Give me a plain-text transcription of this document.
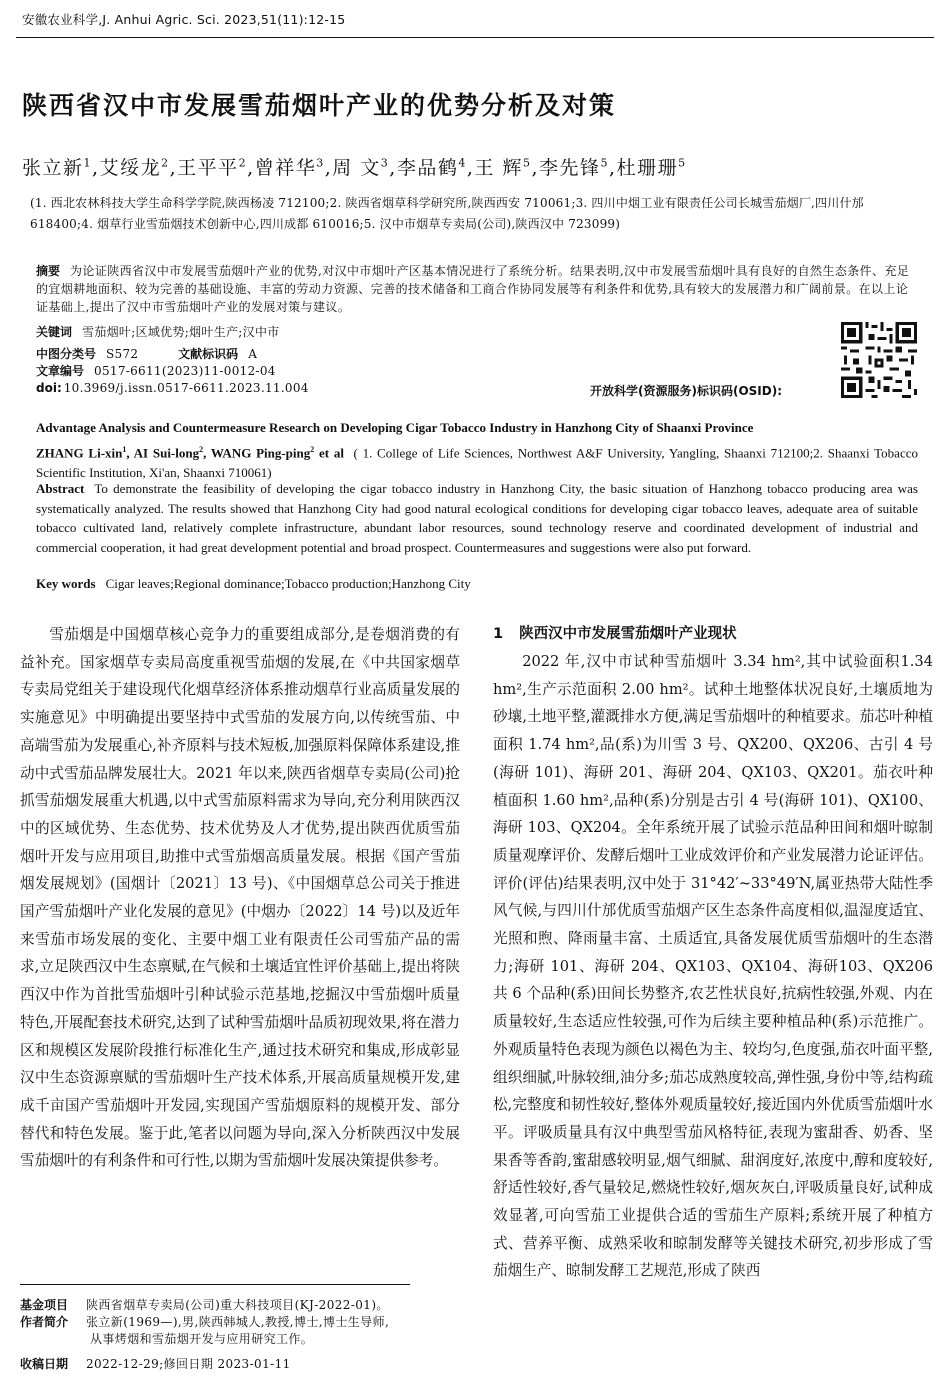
安徽农业科学,J. Anhui Agric. Sci. 2023,51(11):12-15
陕西省汉中市发展雪茄烟叶产业的优势分析及对策
张立新$^1$,艾绥龙$^2$,王平平$^2$,曾祥华$^3$,周 文$^3$,李品鹤$^4$,王 辉$^5$,李先锋$^5$,杜珊珊$^5$
(1. 西北农林科技大学生命科学学院,陕西杨凌 712100;2. 陕西省烟草科学研究所,陕西西安 710061;3. 四川中烟工业有限责任公司长城雪茄烟厂,四川什邡 618400;4. 烟草行业雪茄烟技术创新中心,四川成都 610016;5. 汉中市烟草专卖局(公司),陕西汉中 723099)
摘要 为论证陕西省汉中市发展雪茄烟叶产业的优势,对汉中市烟叶产区基本情况进行了系统分析。结果表明,汉中市发展雪茄烟叶具有良好的自然生态条件、充足的宜烟耕地面积、较为完善的基础设施、丰富的劳动力资源、完善的技术储备和工商合作协同发展等有利条件和优势,具有较大的发展潜力和广阔前景。在以上论证基础上,提出了汉中市雪茄烟叶产业的发展对策与建议。
关键词 雪茄烟叶;区域优势;烟叶生产;汉中市
中图分类号 S572	文献标识码 A
文章编号 0517-6611(2023)11-0012-04
doi: 10.3969/j.issn.0517-6611.2023.11.004	开放科学(资源服务)标识码(OSID):
Advantage Analysis and Countermeasure Research on Developing Cigar Tobacco Industry in Hanzhong City of Shaanxi Province
ZHANG Li-xin$^1$, AI Sui-long$^2$, WANG Ping-ping$^2$ et al ( 1. College of Life Sciences, Northwest A&F University, Yangling, Shaanxi 712100;2. Shaanxi Tobacco Scientific Institution, Xi'an, Shaanxi 710061)
Abstract To demonstrate the feasibility of developing the cigar tobacco industry in Hanzhong City, the basic situation of Hanzhong tobacco producing area was systematically analyzed. The results showed that Hanzhong City had good natural ecological conditions for developing cigar tobacco leaves, adequate area of suitable tobacco cultivated land, relatively complete infrastructure, abundant labor resources, sound technology reserve and coordinated development of industrial and commercial cooperation, it had great development potential and broad prospect. Countermeasures and suggestions were also put forward.
Key words Cigar leaves;Regional dominance;Tobacco production;Hanzhong City

雪茄烟是中国烟草核心竞争力的重要组成部分,是卷烟消费的有益补充。国家烟草专卖局高度重视雪茄烟的发展,在《中共国家烟草专卖局党组关于建设现代化烟草经济体系推动烟草行业高质量发展的实施意见》中明确提出要坚持中式雪茄的发展方向,以传统雪茄、中高端雪茄为发展重心,补齐原料与技术短板,加强原料保障体系建设,推动中式雪茄品牌发展壮大。2021 年以来,陕西省烟草专卖局(公司)抢抓雪茄烟发展重大机遇,以中式雪茄原料需求为导向,充分利用陕西汉中的区域优势、生态优势、技术优势及人才优势,提出陕西优质雪茄烟叶开发与应用项目,助推中式雪茄烟高质量发展。根据《国产雪茄烟发展规划》(国烟计〔2021〕13 号)、《中国烟草总公司关于推进国产雪茄烟叶产业化发展的意见》(中烟办〔2022〕14 号)以及近年来雪茄市场发展的变化、主要中烟工业有限责任公司雪茄产品的需求,立足陕西汉中生态禀赋,在气候和土壤适宜性评价基础上,提出将陕西汉中作为首批雪茄烟叶引种试验示范基地,挖掘汉中雪茄烟叶质量特色,开展配套技术研究,达到了试种雪茄烟叶品质初现效果,将在潜力区和规模区发展阶段推行标准化生产,通过技术研究和集成,形成彰显汉中生态资源禀赋的雪茄烟叶生产技术体系,开展高质量规模开发,建成千亩国产雪茄烟叶开发园,实现国产雪茄烟原料的规模开发、部分替代和特色发展。鉴于此,笔者以问题为导向,深入分析陕西汉中发展雪茄烟叶的有利条件和可行性,以期为雪茄烟叶发展决策提供参考。

1 陕西汉中市发展雪茄烟叶产业现状

2022 年,汉中市试种雪茄烟叶 3.34 hm²,其中试验面积1.34 hm²,生产示范面积 2.00 hm²。试种土地整体状况良好,土壤质地为砂壤,土地平整,灌溉排水方便,满足雪茄烟叶的种植要求。茄芯叶种植面积 1.74 hm²,品(系)为川雪 3 号、QX200、QX206、古引 4 号(海研 101)、海研 201、海研 204、QX103、QX201。茄衣叶种植面积 1.60 hm²,品种(系)分别是古引 4 号(海研 101)、QX100、海研 103、QX204。全年系统开展了试验示范品种田间和烟叶晾制质量观摩评价、发酵后烟叶工业成效评价和产业发展潜力论证评估。评价(评估)结果表明,汉中处于 31°42′~33°49′N,属亚热带大陆性季风气候,与四川什邡优质雪茄烟产区生态条件高度相似,温湿度适宜、光照和煦、降雨量丰富、土质适宜,具备发展优质雪茄烟叶的生态潜力;海研 101、海研 204、QX103、QX104、海研103、QX206 共 6 个品种(系)田间长势整齐,农艺性状良好,抗病性较强,外观、内在质量较好,生态适应性较强,可作为后续主要种植品种(系)示范推广。外观质量特色表现为颜色以褐色为主、较均匀,色度强,茄衣叶面平整,组织细腻,叶脉较细,油分多;茄芯成熟度较高,弹性强,身份中等,结构疏松,完整度和韧性较好,整体外观质量较好,接近国内外优质雪茄烟叶水平。评吸质量具有汉中典型雪茄风格特征,表现为蜜甜香、奶香、坚果香等香韵,蜜甜感较明显,烟气细腻、甜润度好,浓度中,醇和度较好,舒适性较好,香气量较足,燃烧性较好,烟灰灰白,评吸质量良好,试种成效显著,可向雪茄工业提供合适的雪茄生产原料;系统开展了种植方式、营养平衡、成熟采收和晾制发酵等关键技术研究,初步形成了雪茄烟生产、晾制发酵工艺规范,形成了陕西

基金项目 陕西省烟草专卖局(公司)重大科技项目(KJ-2022-01)。
作者简介 张立新(1969—),男,陕西韩城人,教授,博士,博士生导师,
从事烤烟和雪茄烟开发与应用研究工作。
收稿日期 2022-12-29;修回日期 2023-01-11
